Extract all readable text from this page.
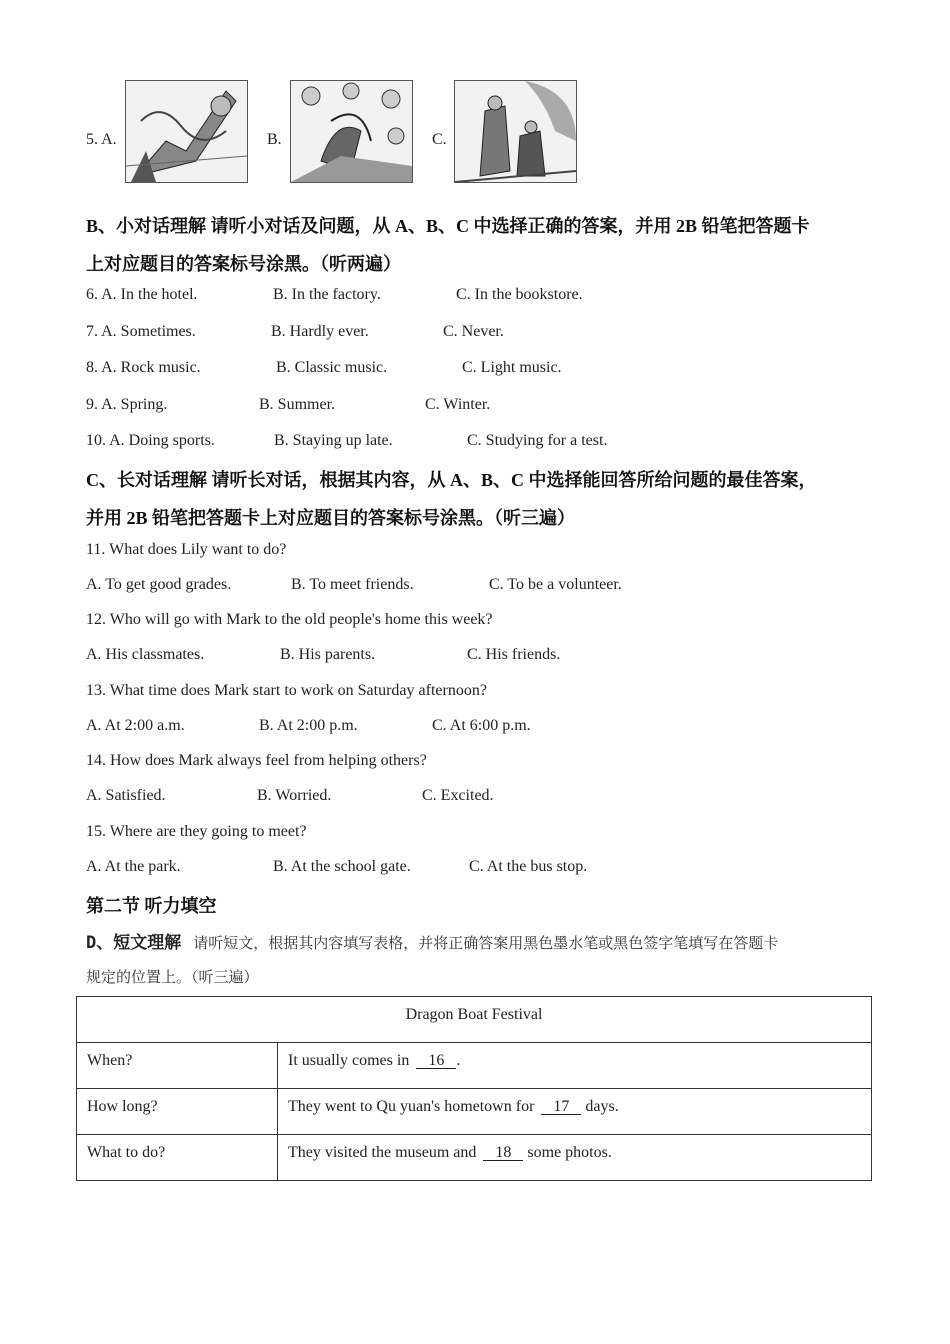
5. A.	B.	C.
B、小对话理解 请听小对话及问题，从 A、B、C 中选择正确的答案，并用 2B 铅笔把答题卡
上对应题目的答案标号涂黑。（听两遍）
6. A. In the hotel.	B. In the factory.	C. In the bookstore.
7. A. Sometimes.	B. Hardly ever.	C. Never.
8. A. Rock music.	B. Classic music.	C. Light music.
9. A. Spring.	B. Summer.	C. Winter.
10. A. Doing sports.	B. Staying up late.	C. Studying for a test.
C、长对话理解 请听长对话，根据其内容，从 A、B、C 中选择能回答所给问题的最佳答案，
并用 2B 铅笔把答题卡上对应题目的答案标号涂黑。（听三遍）
11. What does Lily want to do?
A. To get good grades.	B. To meet friends.	C. To be a volunteer.
12. Who will go with Mark to the old people's home this week?
A. His classmates.	B. His parents.	C. His friends.
13. What time does Mark start to work on Saturday afternoon?
A. At 2:00 a.m.	B. At 2:00 p.m.	C. At 6:00 p.m.
14. How does Mark always feel from helping others?
A. Satisfied.	B. Worried.	C. Excited.
15. Where are they going to meet?
A. At the park.	B. At the school gate.	C. At the bus stop.
第二节 听力填空
D、短文理解 请听短文，根据其内容填写表格，并将正确答案用黑色墨水笔或黑色签字笔填写在答题卡
规定的位置上。（听三遍）
Dragon Boat Festival	
When?	It usually comes in 16 .
How long?	They went to Qu yuan's hometown for 17 days.
What to do?	They visited the museum and 18 some photos.
